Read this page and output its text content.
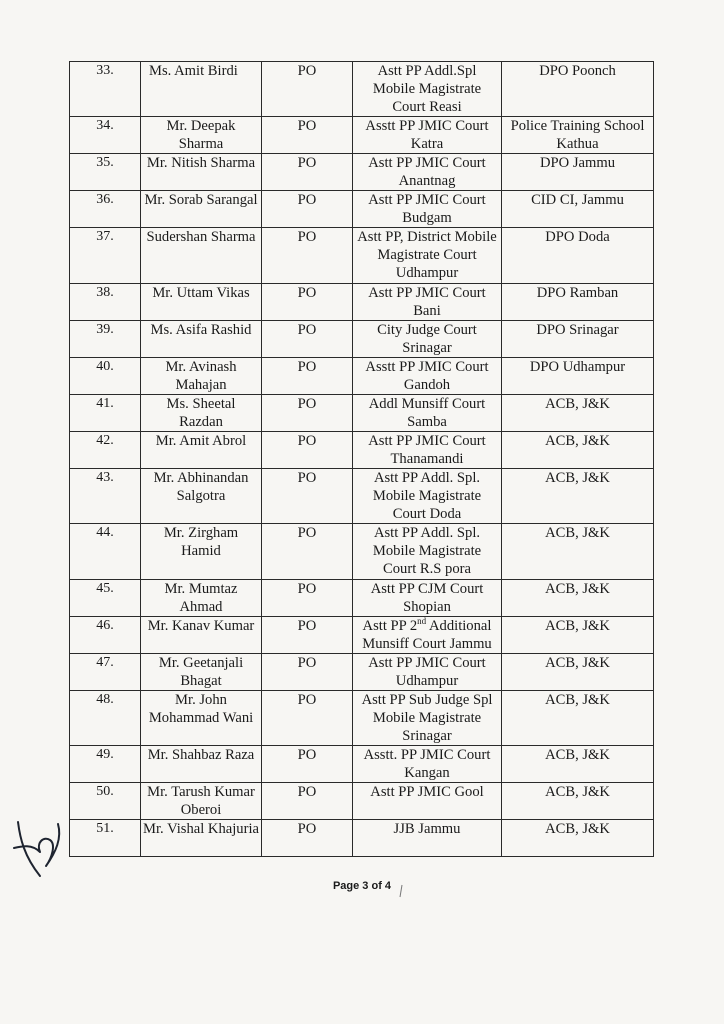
33.	Ms. Amit Birdi	PO	Astt PP Addl.Spl Mobile Magistrate Court Reasi	DPO Poonch
34.	Mr. Deepak Sharma	PO	Asstt PP JMIC Court Katra	Police Training School Kathua
35.	Mr. Nitish Sharma	PO	Astt PP JMIC Court Anantnag	DPO Jammu
36.	Mr. Sorab Sarangal	PO	Astt PP JMIC Court Budgam	CID CI, Jammu
37.	Sudershan Sharma	PO	Astt PP, District Mobile Magistrate Court Udhampur	DPO Doda
38.	Mr. Uttam Vikas	PO	Astt PP JMIC Court Bani	DPO Ramban
39.	Ms. Asifa Rashid	PO	City Judge Court Srinagar	DPO Srinagar
40.	Mr. Avinash Mahajan	PO	Asstt PP JMIC Court Gandoh	DPO Udhampur
41.	Ms. Sheetal Razdan	PO	Addl Munsiff Court Samba	ACB, J&K
42.	Mr. Amit Abrol	PO	Astt PP JMIC Court Thanamandi	ACB, J&K
43.	Mr. Abhinandan Salgotra	PO	Astt PP Addl. Spl. Mobile Magistrate Court Doda	ACB, J&K
44.	Mr. Zirgham Hamid	PO	Astt PP Addl. Spl. Mobile Magistrate Court R.S pora	ACB, J&K
45.	Mr. Mumtaz Ahmad	PO	Astt PP CJM Court Shopian	ACB, J&K
46.	Mr. Kanav Kumar	PO	Astt PP 2nd Additional Munsiff Court Jammu	ACB, J&K
47.	Mr. Geetanjali Bhagat	PO	Astt PP JMIC Court Udhampur	ACB, J&K
48.	Mr. John Mohammad Wani	PO	Astt PP Sub Judge Spl Mobile Magistrate Srinagar	ACB, J&K
49.	Mr. Shahbaz Raza	PO	Asstt. PP JMIC Court Kangan	ACB, J&K
50.	Mr. Tarush Kumar Oberoi	PO	Astt PP JMIC Gool	ACB, J&K
51.	Mr. Vishal Khajuria	PO	JJB Jammu	ACB, J&K
Page 3 of 4
